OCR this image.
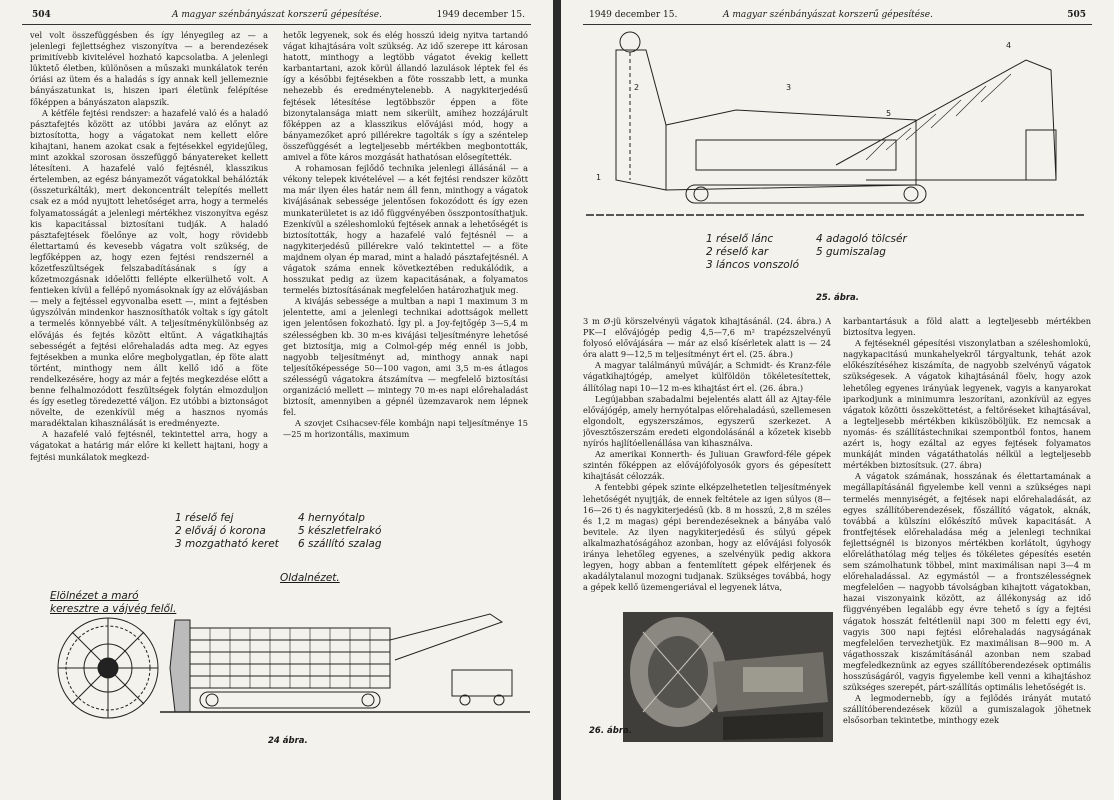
504	A magyar szénbányászat korszerű gépesítése.	1949 december 15.

vel volt összefüggésben és így lényegileg az — a jelenlegi fejlettséghez viszonyítva — a berendezések primitívebb kivitelével hozható kapcsolatba. A jelenlegi lüktető életben, különösen a műszaki munkálatok terén óriási az ütem és a haladás s így annak kell jellemeznie bányászatunkat is, hiszen ipari életünk felépítése főképpen a bányászaton alapszik.

A kétféle fejtési rendszer: a hazafelé való és a haladó pásztafejtés között az utóbbi javára az előnyt az biztosította, hogy a vágatokat nem kellett előre kihajtani, hanem azokat csak a fejtésekkel egyidejűleg, mint azokkal szorosan összefüggő bányatereket kellett létesíteni. A hazafelé való fejtésnél, klasszikus értelemben, az egész bányamezőt vágatokkal behálózták (összeturkálták), mert dekoncentrált telepítés mellett csak ez a mód nyujtott lehetőséget arra, hogy a termelés folyamatosságát a jelenlegi mértékhez viszonyítva egész kis kapacitással biztosítani tudják. A haladó pásztafejtések föelőnye az volt, hogy rövidebb élettartamú és kevesebb vágatra volt szükség, de legfőképpen az, hogy ezen fejtési rendszernél a kőzetfeszültségek felszabadításának s így a kőzetmozgásnak időelőtti fellépte elkerülhető volt. A fentieken kívül a fellépő nyomásoknak így az elővájásban — mely a fejtéssel egyvonalba esett —, mint a fejtésben úgyszólván mindenkor hasznosíthatók voltak s így gátolt a termelés könnyebbé vált. A teljesítménykülönbség az elővájás és fejtés között eltűnt. A vágatkihajtás sebességét a fejtési előrehaladás adta meg. Az egyes fejtésekben a munka előre megbolygatlan, ép föte alatt történt, minthogy nem állt kellő idő a föte rendelkezésére, hogy az már a fejtés megkezdése előtt a benne felhalmozódott feszültségek folytán elmozduljon és így esetleg töredezetté váljon. Ez utóbbi a biztonságot növelte, de ezenkívül még a hasznos nyomás maradéktalan kihasználását is eredményezte.

A hazafelé való fejtésnél, tekintettel arra, hogy a vágatokat a határig már előre ki kellett hajtani, hogy a fejtési munkálatok megkezd-

hetők legyenek, sok és elég hosszú ideig nyitva tartandó vágat kihajtására volt szükség. Az idő szerepe itt károsan hatott, minthogy a legtöbb vágatot évekig kellett karbantartani, azok körül állandó lazulások léptek fel és így a későbbi fejtésekben a föte rosszabb lett, a munka nehezebb és eredménytelenebb. A nagykiterjedésű fejtések létesítése legtöbbször éppen a föte bizonytalansága miatt nem sikerült, amihez hozzájárult főképpen az a klasszikus elővájási mód, hogy a bányamezőket apró pillérekre tagolták s így a széntelep összefüggését a legteljesebb mértékben megbontották, amivel a föte káros mozgását hathatósan elősegítették.

A rohamosan fejlődő technika jelenlegi állásánál — a vékony telepek kivételével — a két fejtési rendszer között ma már ilyen éles határ nem áll fenn, minthogy a vágatok kivájásának sebessége jelentősen fokozódott és így ezen munkaterületet is az idő függvényében összpontosíthatjuk. Ezenkívül a széleshomlokú fejtések annak a lehetőségét is biztosították, hogy a hazafelé való fejtésnél — a nagykiterjedésű pillérekre való tekintettel — a föte majdnem olyan ép marad, mint a haladó pásztafejtésnél. A vágatok száma ennek következtében redukálódik, a hosszukat pedig az üzem kapacitásának, a folyamatos termelés biztosításának megfelelően határozhatjuk meg.

A kivájás sebessége a multban a napi 1 maximum 3 m jelentette, ami a jelenlegi technikai adottságok mellett igen jelentősen fokozható. Így pl. a Joy-fejtőgép 3—5,4 m szélességben kb. 30 m-es kivájási teljesítményre lehetősé get biztosítja, mig a Colmol-gép még ennél is jobb, nagyobb teljesítményt ad, minthogy annak napi teljesítőképessége 50—100 vagon, ami 3,5 m-es átlagos szélességű vágatokra átszámítva — megfelelő biztosítási organizáció mellett — mintegy 70 m-es napi előrehaladást biztosít, amennyiben a gépnél üzemzavarok nem lépnek fel.

A szovjet Csihacsev-féle kombájn napi teljesítménye 15—25 m horizontális, maximum

1 réselő fej
2 előváj ó korona
3 mozgatható keret
4 hernyótalp
5 készletfelrakó
6 szállító szalag
Oldalnézet.
Elölnézet a maró
keresztre a vájvég felől.
24 ábra.
1949 december 15.	A magyar szénbányászat korszerű gépesítése.	505
2
1
3
4
5
1 réselő lánc
2 réselő kar
3 láncos vonszoló
4 adagoló tölcsér
5 gumiszalag
25. ábra.

3 m Ø-jü körszelvényü vágatok kihajtásánál. (24. ábra.) A PK—I elővájógép pedig 4,5—7,6 m² trapézszelvényű folyosó elővájására — már az első kísérletek alatt is — 24 óra alatt 9—12,5 m teljesítményt ért el. (25. ábra.)

A magyar találmányú művájár, a Schmidt- és Kranz-féle vágatkihajtógép, amelyet külföldön tökéletesítettek, állítólag napi 10—12 m-es kihajtást ért el. (26. ábra.)

Legújabban szabadalmi bejelentés alatt áll az Ajtay-féle elővájógép, amely hernyótalpas előrehaladású, szellemesen elgondolt, egyszerszámos, egyszerű szerkezet. A jövesztőszerszám eredeti elgondolásánál a kőzetek kisebb nyírós hajlítóellenállása van kihasználva.

Az amerikai Konnerth- és Juliuan Grawford-féle gépek szintén főképpen az elővájófolyosók gyors és gépesített kihajtását célozzák.

A fentebbi gépek szinte elképzelhetetlen teljesítmények lehetőségét nyujtják, de ennek feltétele az igen súlyos (8—16—26 t) és nagykiterjedésű (kb. 8 m hosszú, 2,8 m széles és 1,2 m magas) gépi berendezéseknek a bányába való bevitele. Az ilyen nagykiterjedésű és súlyú gépek alkalmazhatóságához azonban, hogy az elővájási folyosók iránya lehetőleg egyenes, a szelvényük pedig akkora legyen, hogy abban a fentemlített gépek elférjenek és akadálytalanul mozogni tudjanak. Szükséges továbbá, hogy a gépek kellő üzemengeriával el legyenek látva,

26. ábra.

karbantartásuk a föld alatt a legteljesebb mértékben biztosítva legyen.

A fejtéseknél gépesítési viszonylatban a széleshomlokú, nagykapacitású munkahelyekről tárgyaltunk, tehát azok előkészítéséhez kiszámíta, de nagyobb szelvényű vágatok szükségesek. A vágatok kihajtásánál föelv, hogy azok lehetőleg egyenes irányúak legyenek, vagyis a kanyarokat iparkodjunk a minimumra leszorítani, azonkívül az egyes vágatok közötti összeköttetést, a feltöréseket kihajtásával, a legteljesebb mértékben kiküszöböljük. Ez nemcsak a nyomás- és szállítástechnikai szempontból fontos, hanem azért is, hogy ezáltal az egyes fejtések folyamatos munkáját minden vágatáthatolás nélkül a legteljesebb mértékben biztosítsuk. (27. ábra)

A vágatok számának, hosszának és élettartamának a megállapításánál figyelembe kell venni a szükséges napi termelés mennyiségét, a fejtések napi előrehaladását, az egyes szállítóberendezések, főszállító vágatok, aknák, továbbá a külszíni előkészítő művek kapacitását. A frontfejtések előrehaladása még a jelenlegi technikai fejlettségnél is bizonyos mértékben korlátolt, úgyhogy előreláthatólag még teljes és tökéletes gépesítés esetén sem számolhatunk többel, mint maximálisan napi 3—4 m előrehaladással. Az egymástól — a frontszélességnek megfelelően — nagyobb távolságban kihajtott vágatokban, hazai viszonyaink között, az állékonyság az idő függvényében legalább egy évre tehető s így a fejtési vágatok hosszát feltétlenül napi 300 m feletti egy évi, vagyis 300 napi fejtési előrehaladás nagyságának megfelelően tervezhetjük. Ez maximálisan 8—900 m. A vágathosszak kiszámításánál azonban nem szabad megfeledkeznünk az egyes szállítóberendezések optimális hosszúságáról, vagyis figyelembe kell venni a kihajtáshoz szükséges szerepét, párt-szállítás optimális lehetőségét is.

A legmodernebb, így a fejlődés irányát mutató szállítóberendezések közül a gumiszalagok jöhetnek elsősorban tekintetbe, minthogy ezek
